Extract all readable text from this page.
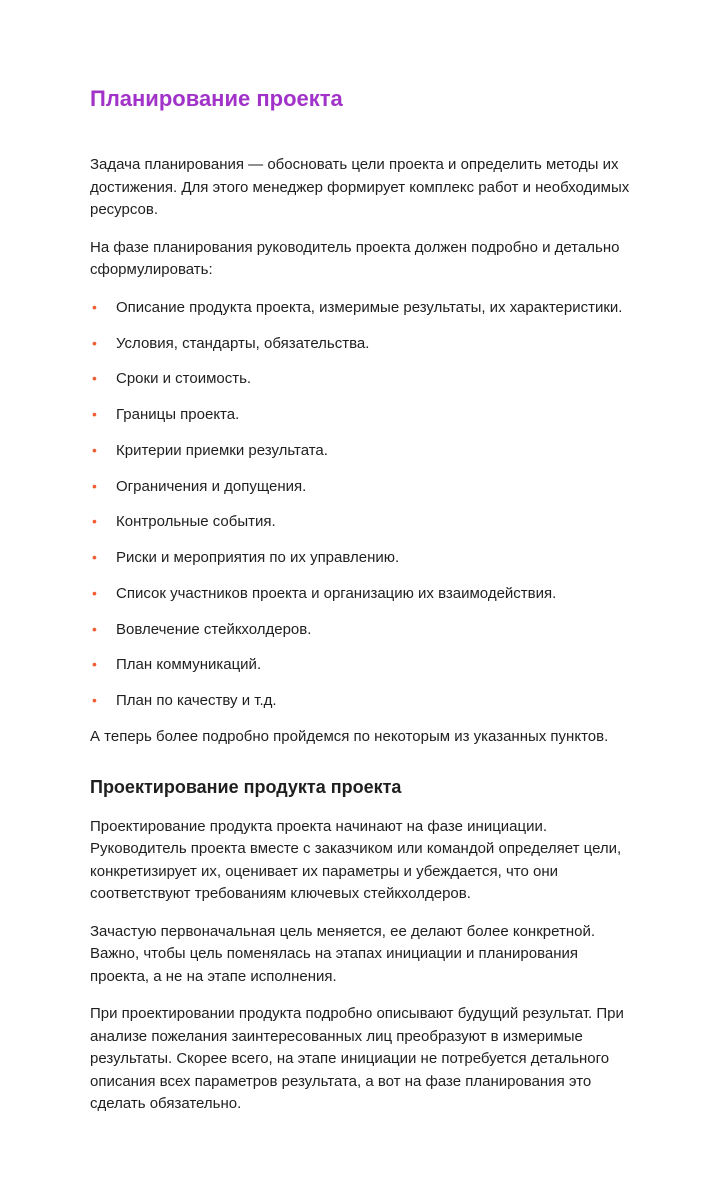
Планирование проекта

Задача планирования — обосновать цели проекта и определить методы их достижения. Для этого менеджер формирует комплекс работ и необходимых ресурсов.

На фазе планирования руководитель проекта должен подробно и детально сформулировать:

•	Описание продукта проекта, измеримые результаты, их характеристики.
•	Условия, стандарты, обязательства.
•	Сроки и стоимость.
•	Границы проекта.
•	Критерии приемки результата.
•	Ограничения и допущения.
•	Контрольные события.
•	Риски и мероприятия по их управлению.
•	Список участников проекта и организацию их взаимодействия.
•	Вовлечение стейкхолдеров.
•	План коммуникаций.
•	План по качеству и т.д.

А теперь более подробно пройдемся по некоторым из указанных пунктов.

Проектирование продукта проекта

Проектирование продукта проекта начинают на фазе инициации. Руководитель проекта вместе с заказчиком или командой определяет цели, конкретизирует их, оценивает их параметры и убеждается, что они соответствуют требованиям ключевых стейкхолдеров.

Зачастую первоначальная цель меняется, ее делают более конкретной. Важно, чтобы цель поменялась на этапах инициации и планирования проекта, а не на этапе исполнения.

При проектировании продукта подробно описывают будущий результат. При анализе пожелания заинтересованных лиц преобразуют в измеримые результаты. Скорее всего, на этапе инициации не потребуется детального описания всех параметров результата, а вот на фазе планирования это сделать обязательно.
